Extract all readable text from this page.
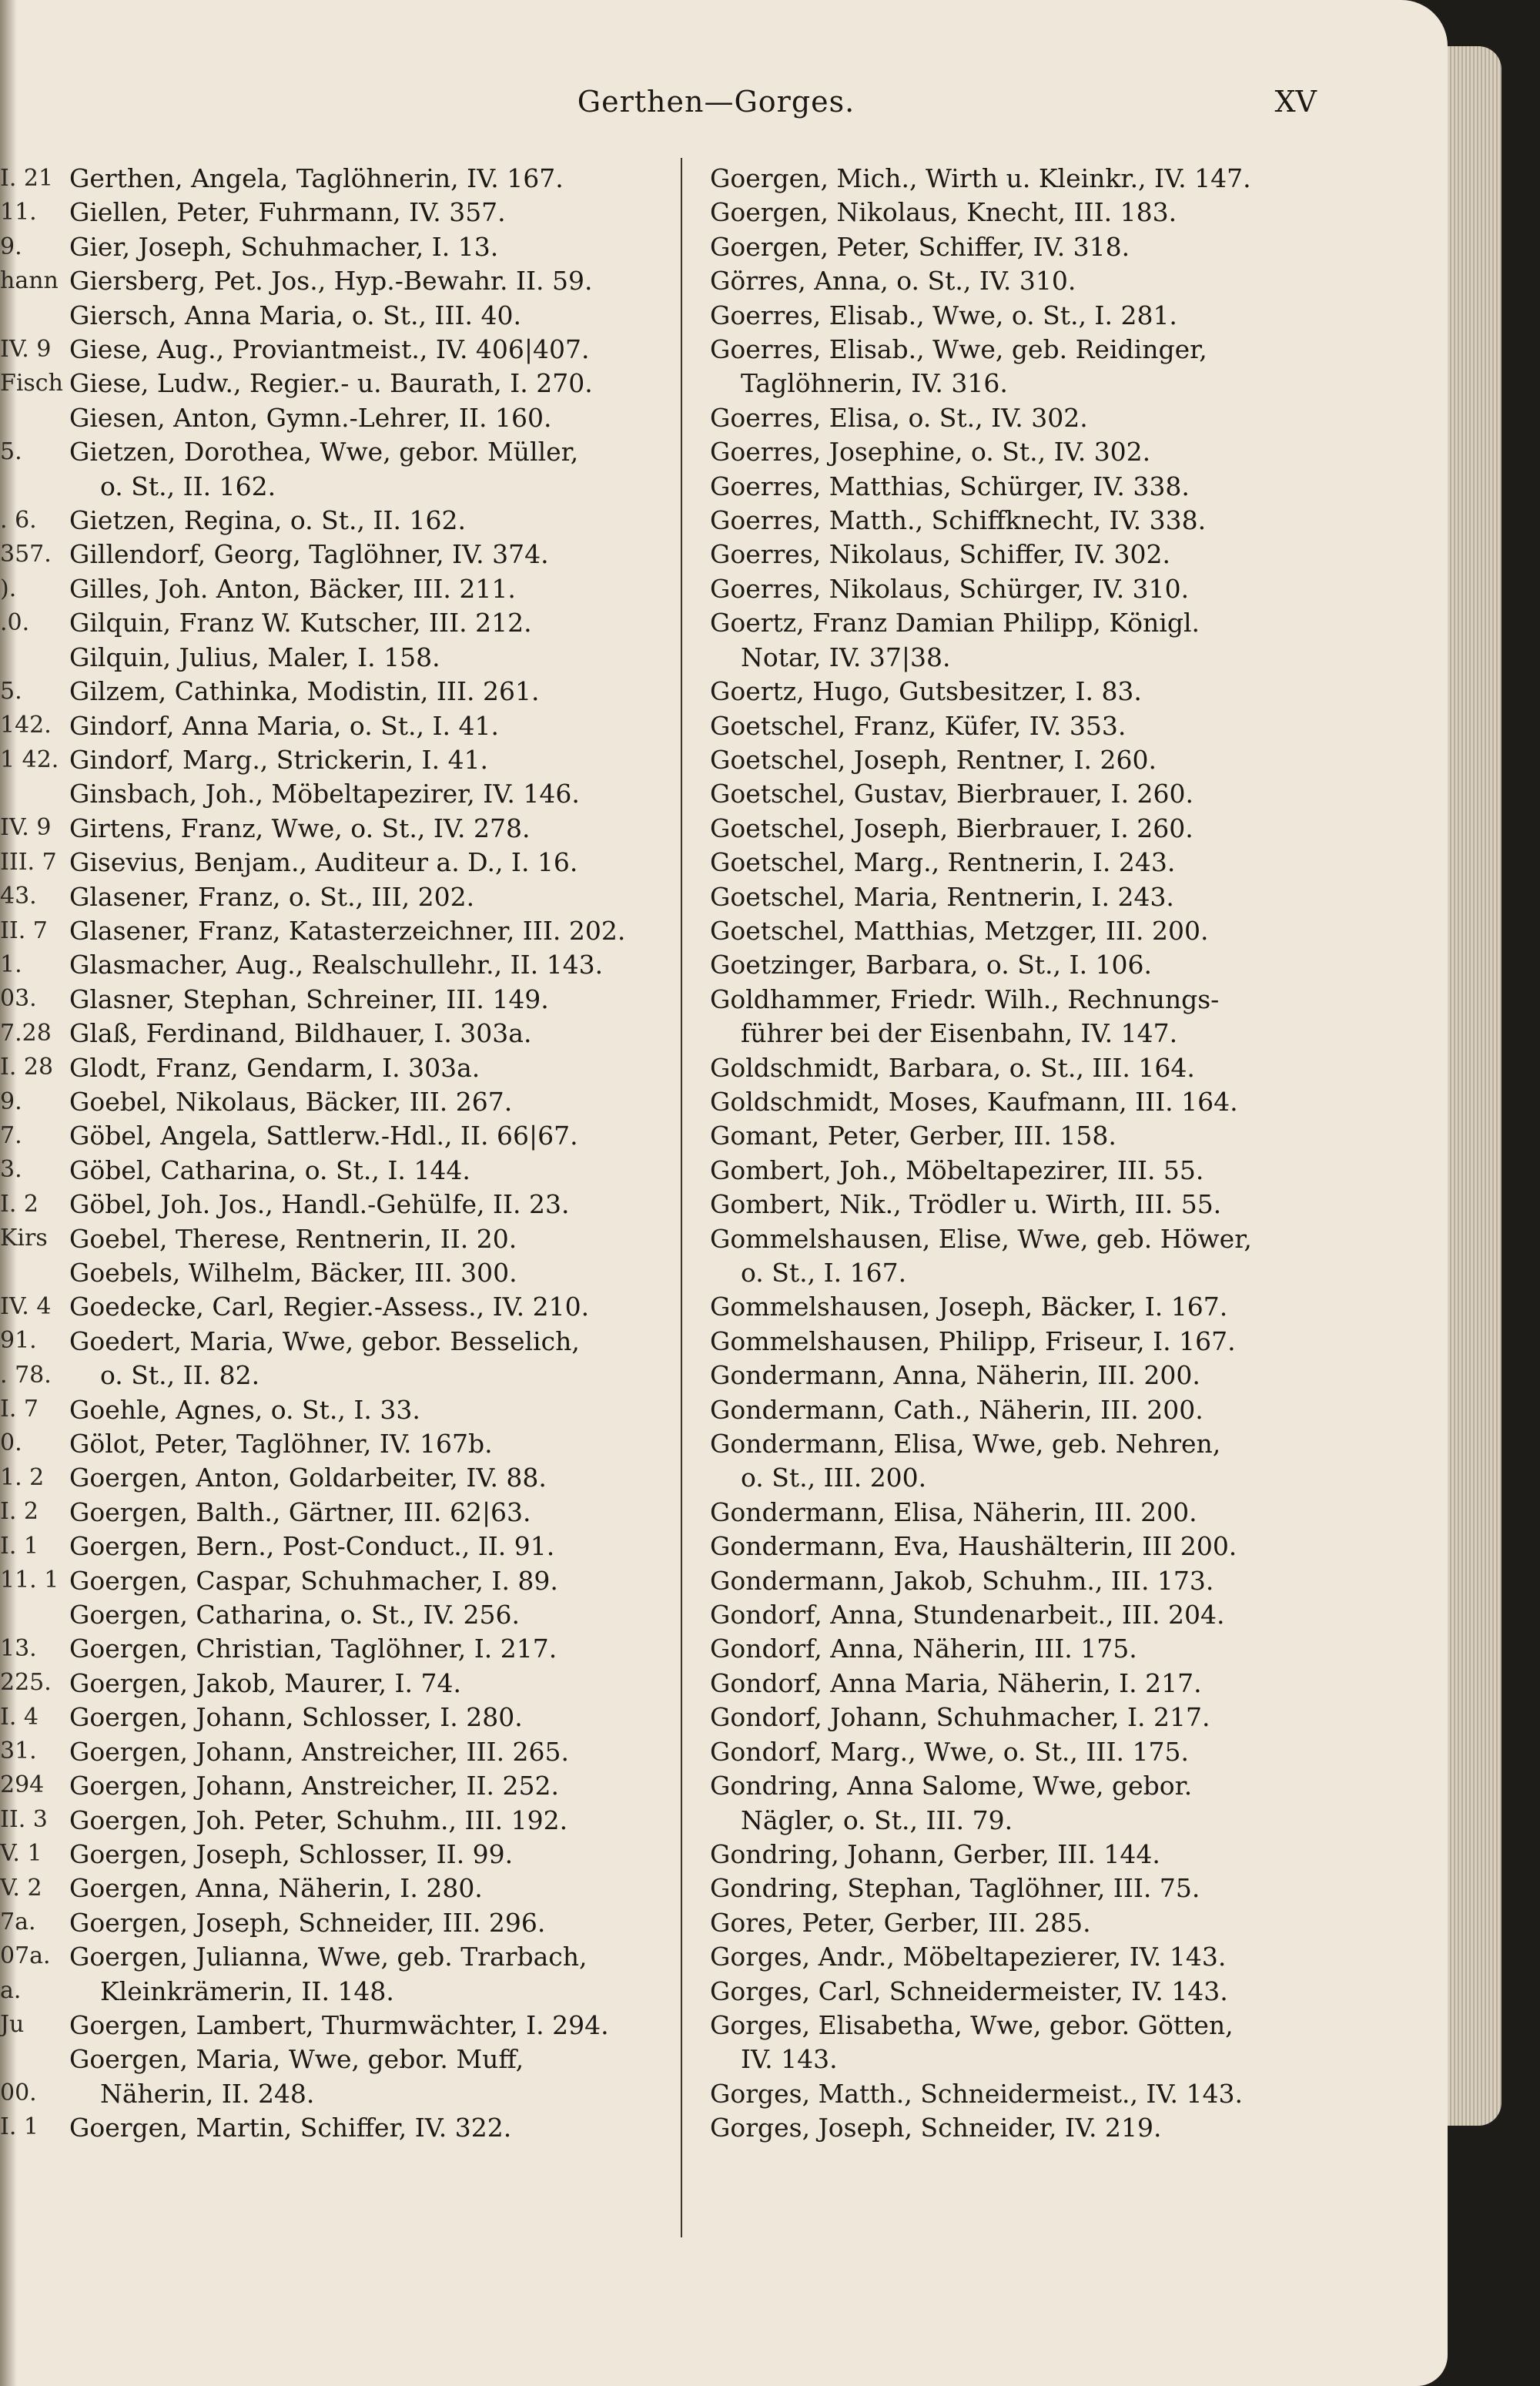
Gerthen—Gorges.	XV
I. 21
11.
9.
hann
IV. 9
Fisch
5.
. 6.
357.
).
.0.
5.
142.
1 42.
IV. 9
III. 7
43.
II. 7
1.
03.
7.28
I. 28
9.
7.
3.
I. 2
Kirs
IV. 4
91.
. 78.
I. 7
0.
1. 2
I. 2
I. 1
11. 1
13.
225.
I. 4
31.
294
II. 3
V. 1
V. 2
7a.
07a.
a.
Ju
00.
I. 1
Gerthen, Angela, Taglöhnerin, IV. 167.
Giellen, Peter, Fuhrmann, IV. 357.
Gier, Joseph, Schuhmacher, I. 13.
Giersberg, Pet. Jos., Hyp.-Bewahr. II. 59.
Giersch, Anna Maria, o. St., III. 40.
Giese, Aug., Proviantmeist., IV. 406|407.
Giese, Ludw., Regier.- u. Baurath, I. 270.
Giesen, Anton, Gymn.-Lehrer, II. 160.
Gietzen, Dorothea, Wwe, gebor. Müller,
o. St., II. 162.
Gietzen, Regina, o. St., II. 162.
Gillendorf, Georg, Taglöhner, IV. 374.
Gilles, Joh. Anton, Bäcker, III. 211.
Gilquin, Franz W. Kutscher, III. 212.
Gilquin, Julius, Maler, I. 158.
Gilzem, Cathinka, Modistin, III. 261.
Gindorf, Anna Maria, o. St., I. 41.
Gindorf, Marg., Strickerin, I. 41.
Ginsbach, Joh., Möbeltapezirer, IV. 146.
Girtens, Franz, Wwe, o. St., IV. 278.
Gisevius, Benjam., Auditeur a. D., I. 16.
Glasener, Franz, o. St., III, 202.
Glasener, Franz, Katasterzeichner, III. 202.
Glasmacher, Aug., Realschullehr., II. 143.
Glasner, Stephan, Schreiner, III. 149.
Glaß, Ferdinand, Bildhauer, I. 303a.
Glodt, Franz, Gendarm, I. 303a.
Goebel, Nikolaus, Bäcker, III. 267.
Göbel, Angela, Sattlerw.-Hdl., II. 66|67.
Göbel, Catharina, o. St., I. 144.
Göbel, Joh. Jos., Handl.-Gehülfe, II. 23.
Goebel, Therese, Rentnerin, II. 20.
Goebels, Wilhelm, Bäcker, III. 300.
Goedecke, Carl, Regier.-Assess., IV. 210.
Goedert, Maria, Wwe, gebor. Besselich,
o. St., II. 82.
Goehle, Agnes, o. St., I. 33.
Gölot, Peter, Taglöhner, IV. 167b.
Goergen, Anton, Goldarbeiter, IV. 88.
Goergen, Balth., Gärtner, III. 62|63.
Goergen, Bern., Post-Conduct., II. 91.
Goergen, Caspar, Schuhmacher, I. 89.
Goergen, Catharina, o. St., IV. 256.
Goergen, Christian, Taglöhner, I. 217.
Goergen, Jakob, Maurer, I. 74.
Goergen, Johann, Schlosser, I. 280.
Goergen, Johann, Anstreicher, III. 265.
Goergen, Johann, Anstreicher, II. 252.
Goergen, Joh. Peter, Schuhm., III. 192.
Goergen, Joseph, Schlosser, II. 99.
Goergen, Anna, Näherin, I. 280.
Goergen, Joseph, Schneider, III. 296.
Goergen, Julianna, Wwe, geb. Trarbach,
Kleinkrämerin, II. 148.
Goergen, Lambert, Thurmwächter, I. 294.
Goergen, Maria, Wwe, gebor. Muff,
Näherin, II. 248.
Goergen, Martin, Schiffer, IV. 322.
Goergen, Mich., Wirth u. Kleinkr., IV. 147.
Goergen, Nikolaus, Knecht, III. 183.
Goergen, Peter, Schiffer, IV. 318.
Görres, Anna, o. St., IV. 310.
Goerres, Elisab., Wwe, o. St., I. 281.
Goerres, Elisab., Wwe, geb. Reidinger,
Taglöhnerin, IV. 316.
Goerres, Elisa, o. St., IV. 302.
Goerres, Josephine, o. St., IV. 302.
Goerres, Matthias, Schürger, IV. 338.
Goerres, Matth., Schiffknecht, IV. 338.
Goerres, Nikolaus, Schiffer, IV. 302.
Goerres, Nikolaus, Schürger, IV. 310.
Goertz, Franz Damian Philipp, Königl.
Notar, IV. 37|38.
Goertz, Hugo, Gutsbesitzer, I. 83.
Goetschel, Franz, Küfer, IV. 353.
Goetschel, Joseph, Rentner, I. 260.
Goetschel, Gustav, Bierbrauer, I. 260.
Goetschel, Joseph, Bierbrauer, I. 260.
Goetschel, Marg., Rentnerin, I. 243.
Goetschel, Maria, Rentnerin, I. 243.
Goetschel, Matthias, Metzger, III. 200.
Goetzinger, Barbara, o. St., I. 106.
Goldhammer, Friedr. Wilh., Rechnungs-
führer bei der Eisenbahn, IV. 147.
Goldschmidt, Barbara, o. St., III. 164.
Goldschmidt, Moses, Kaufmann, III. 164.
Gomant, Peter, Gerber, III. 158.
Gombert, Joh., Möbeltapezirer, III. 55.
Gombert, Nik., Trödler u. Wirth, III. 55.
Gommelshausen, Elise, Wwe, geb. Höwer,
o. St., I. 167.
Gommelshausen, Joseph, Bäcker, I. 167.
Gommelshausen, Philipp, Friseur, I. 167.
Gondermann, Anna, Näherin, III. 200.
Gondermann, Cath., Näherin, III. 200.
Gondermann, Elisa, Wwe, geb. Nehren,
o. St., III. 200.
Gondermann, Elisa, Näherin, III. 200.
Gondermann, Eva, Haushälterin, III 200.
Gondermann, Jakob, Schuhm., III. 173.
Gondorf, Anna, Stundenarbeit., III. 204.
Gondorf, Anna, Näherin, III. 175.
Gondorf, Anna Maria, Näherin, I. 217.
Gondorf, Johann, Schuhmacher, I. 217.
Gondorf, Marg., Wwe, o. St., III. 175.
Gondring, Anna Salome, Wwe, gebor.
Nägler, o. St., III. 79.
Gondring, Johann, Gerber, III. 144.
Gondring, Stephan, Taglöhner, III. 75.
Gores, Peter, Gerber, III. 285.
Gorges, Andr., Möbeltapezierer, IV. 143.
Gorges, Carl, Schneidermeister, IV. 143.
Gorges, Elisabetha, Wwe, gebor. Götten,
IV. 143.
Gorges, Matth., Schneidermeist., IV. 143.
Gorges, Joseph, Schneider, IV. 219.
